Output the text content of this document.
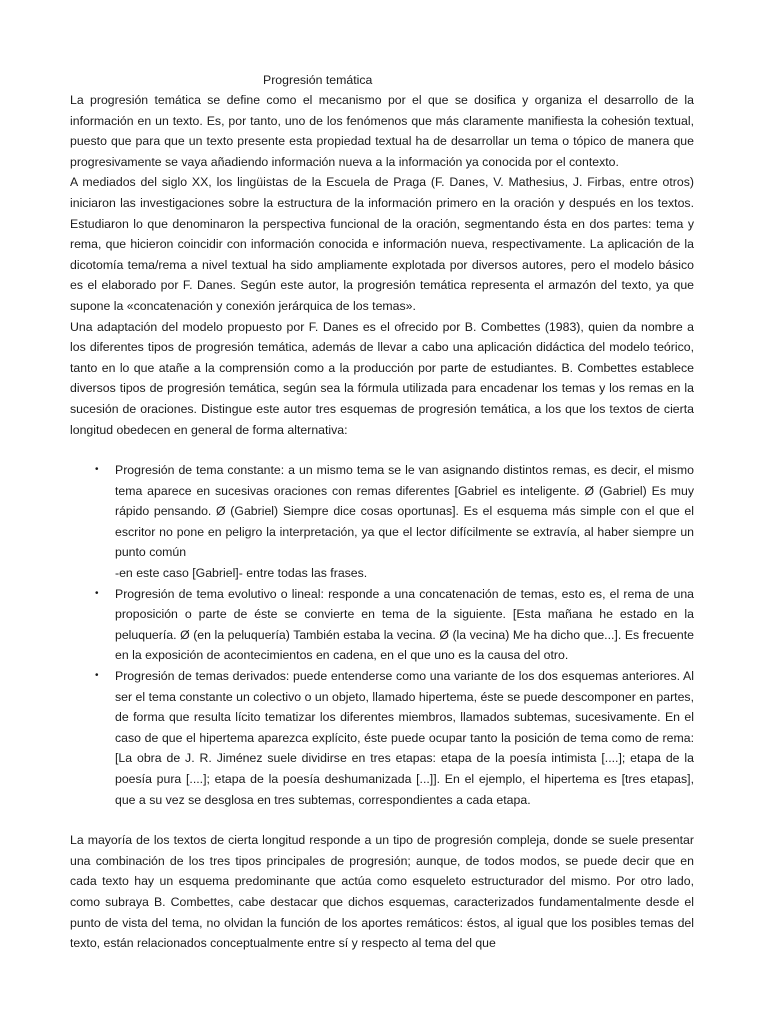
Progresión temática

La progresión temática se define como el mecanismo por el que se dosifica y organiza el desarrollo de la información en un texto. Es, por tanto, uno de los fenómenos que más claramente manifiesta la cohesión textual, puesto que para que un texto presente esta propiedad textual ha de desarrollar un tema o tópico de manera que progresivamente se vaya añadiendo información nueva a la información ya conocida por el contexto.

A mediados del siglo XX, los lingüistas de la Escuela de Praga (F. Danes, V. Mathesius, J. Firbas, entre otros) iniciaron las investigaciones sobre la estructura de la información primero en la oración y después en los textos. Estudiaron lo que denominaron la perspectiva funcional de la oración, segmentando ésta en dos partes: tema y rema, que hicieron coincidir con información conocida e información nueva, respectivamente. La aplicación de la dicotomía tema/rema a nivel textual ha sido ampliamente explotada por diversos autores, pero el modelo básico es el elaborado por F. Danes. Según este autor, la progresión temática representa el armazón del texto, ya que supone la «concatenación y conexión jerárquica de los temas».

Una adaptación del modelo propuesto por F. Danes es el ofrecido por B. Combettes (1983), quien da nombre a los diferentes tipos de progresión temática, además de llevar a cabo una aplicación didáctica del modelo teórico, tanto en lo que atañe a la comprensión como a la producción por parte de estudiantes. B. Combettes establece diversos tipos de progresión temática, según sea la fórmula utilizada para encadenar los temas y los remas en la sucesión de oraciones. Distingue este autor tres esquemas de progresión temática, a los que los textos de cierta longitud obedecen en general de forma alternativa:

• Progresión de tema constante: a un mismo tema se le van asignando distintos remas, es decir, el mismo tema aparece en sucesivas oraciones con remas diferentes [Gabriel es inteligente. Ø (Gabriel) Es muy rápido pensando. Ø (Gabriel) Siempre dice cosas oportunas]. Es el esquema más simple con el que el escritor no pone en peligro la interpretación, ya que el lector difícilmente se extravía, al haber siempre un punto común
-en este caso [Gabriel]- entre todas las frases.
• Progresión de tema evolutivo o lineal: responde a una concatenación de temas, esto es, el rema de una proposición o parte de éste se convierte en tema de la siguiente. [Esta mañana he estado en la peluquería. Ø (en la peluquería) También estaba la vecina. Ø (la vecina) Me ha dicho que...]. Es frecuente en la exposición de acontecimientos en cadena, en el que uno es la causa del otro.
• Progresión de temas derivados: puede entenderse como una variante de los dos esquemas anteriores. Al ser el tema constante un colectivo o un objeto, llamado hipertema, éste se puede descomponer en partes, de forma que resulta lícito tematizar los diferentes miembros, llamados subtemas, sucesivamente. En el caso de que el hipertema aparezca explícito, éste puede ocupar tanto la posición de tema como de rema: [La obra de J. R. Jiménez suele dividirse en tres etapas: etapa de la poesía intimista [....]; etapa de la poesía pura [....]; etapa de la poesía deshumanizada [...]]. En el ejemplo, el hipertema es [tres etapas], que a su vez se desglosa en tres subtemas, correspondientes a cada etapa.

La mayoría de los textos de cierta longitud responde a un tipo de progresión compleja, donde se suele presentar una combinación de los tres tipos principales de progresión; aunque, de todos modos, se puede decir que en cada texto hay un esquema predominante que actúa como esqueleto estructurador del mismo. Por otro lado, como subraya B. Combettes, cabe destacar que dichos esquemas, caracterizados fundamentalmente desde el punto de vista del tema, no olvidan la función de los aportes remáticos: éstos, al igual que los posibles temas del texto, están relacionados conceptualmente entre sí y respecto al tema del que
